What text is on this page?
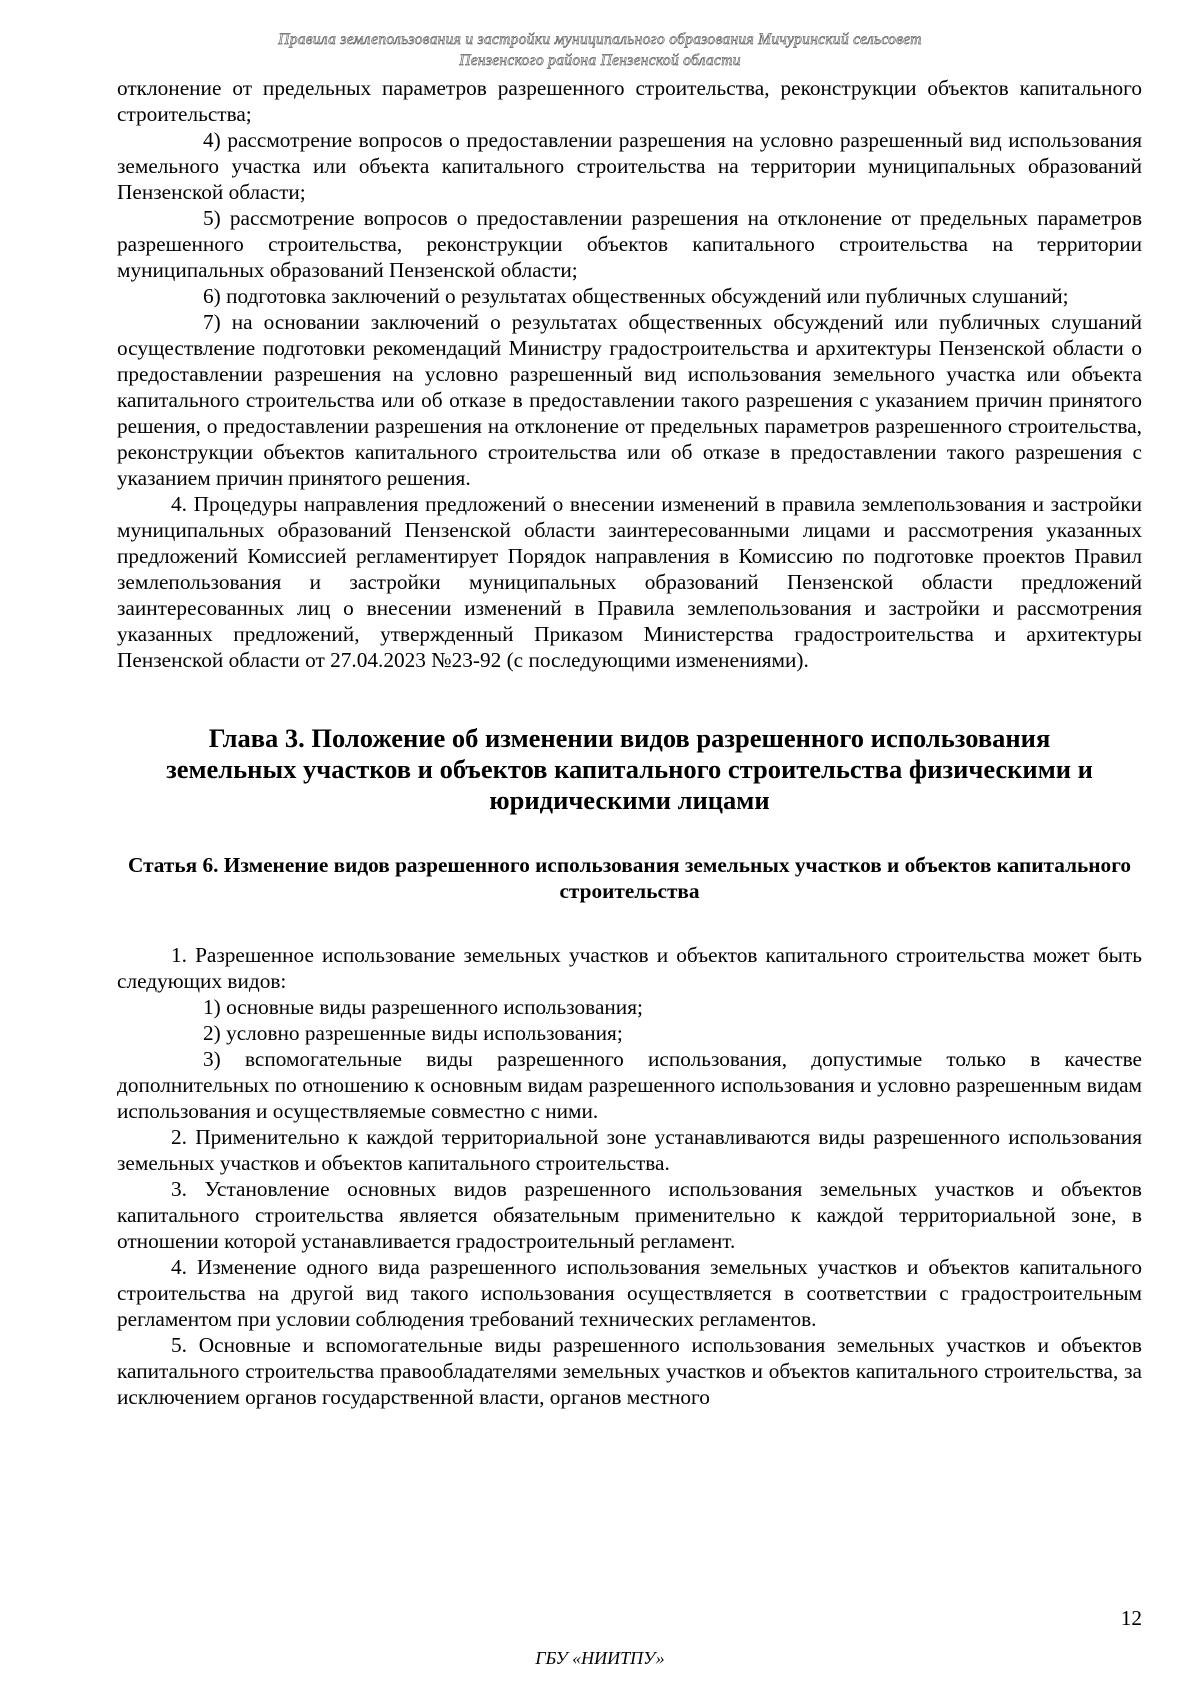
Правила землепользования и застройки муниципального образования Мичуринский сельсовет
Пензенского района Пензенской области

отклонение от предельных параметров разрешенного строительства, реконструкции объектов капитального строительства;

4) рассмотрение вопросов о предоставлении разрешения на условно разрешенный вид использования земельного участка или объекта капитального строительства на территории муниципальных образований Пензенской области;

5) рассмотрение вопросов о предоставлении разрешения на отклонение от предельных параметров разрешенного строительства, реконструкции объектов капитального строительства на территории муниципальных образований Пензенской области;

6) подготовка заключений о результатах общественных обсуждений или публичных слушаний;

7) на основании заключений о результатах общественных обсуждений или публичных слушаний осуществление подготовки рекомендаций Министру градостроительства и архитектуры Пензенской области о предоставлении разрешения на условно разрешенный вид использования земельного участка или объекта капитального строительства или об отказе в предоставлении такого разрешения с указанием причин принятого решения, о предоставлении разрешения на отклонение от предельных параметров разрешенного строительства, реконструкции объектов капитального строительства или об отказе в предоставлении такого разрешения с указанием причин принятого решения.

4. Процедуры направления предложений о внесении изменений в правила землепользования и застройки муниципальных образований Пензенской области заинтересованными лицами и рассмотрения указанных предложений Комиссией регламентирует Порядок направления в Комиссию по подготовке проектов Правил землепользования и застройки муниципальных образований Пензенской области предложений заинтересованных лиц о внесении изменений в Правила землепользования и застройки и рассмотрения указанных предложений, утвержденный Приказом Министерства градостроительства и архитектуры Пензенской области от 27.04.2023 №23-92 (с последующими изменениями).

Глава 3. Положение об изменении видов разрешенного использования земельных участков и объектов капитального строительства физическими и юридическими лицами
Статья 6. Изменение видов разрешенного использования земельных участков и объектов капитального строительства

1. Разрешенное использование земельных участков и объектов капитального строительства может быть следующих видов:

1) основные виды разрешенного использования;

2) условно разрешенные виды использования;

3) вспомогательные виды разрешенного использования, допустимые только в качестве дополнительных по отношению к основным видам разрешенного использования и условно разрешенным видам использования и осуществляемые совместно с ними.

2. Применительно к каждой территориальной зоне устанавливаются виды разрешенного использования земельных участков и объектов капитального строительства.

3. Установление основных видов разрешенного использования земельных участков и объектов капитального строительства является обязательным применительно к каждой территориальной зоне, в отношении которой устанавливается градостроительный регламент.

4. Изменение одного вида разрешенного использования земельных участков и объектов капитального строительства на другой вид такого использования осуществляется в соответствии с градостроительным регламентом при условии соблюдения требований технических регламентов.

5. Основные и вспомогательные виды разрешенного использования земельных участков и объектов капитального строительства правообладателями земельных участков и объектов капитального строительства, за исключением органов государственной власти, органов местного

12
ГБУ «НИИТПУ»
